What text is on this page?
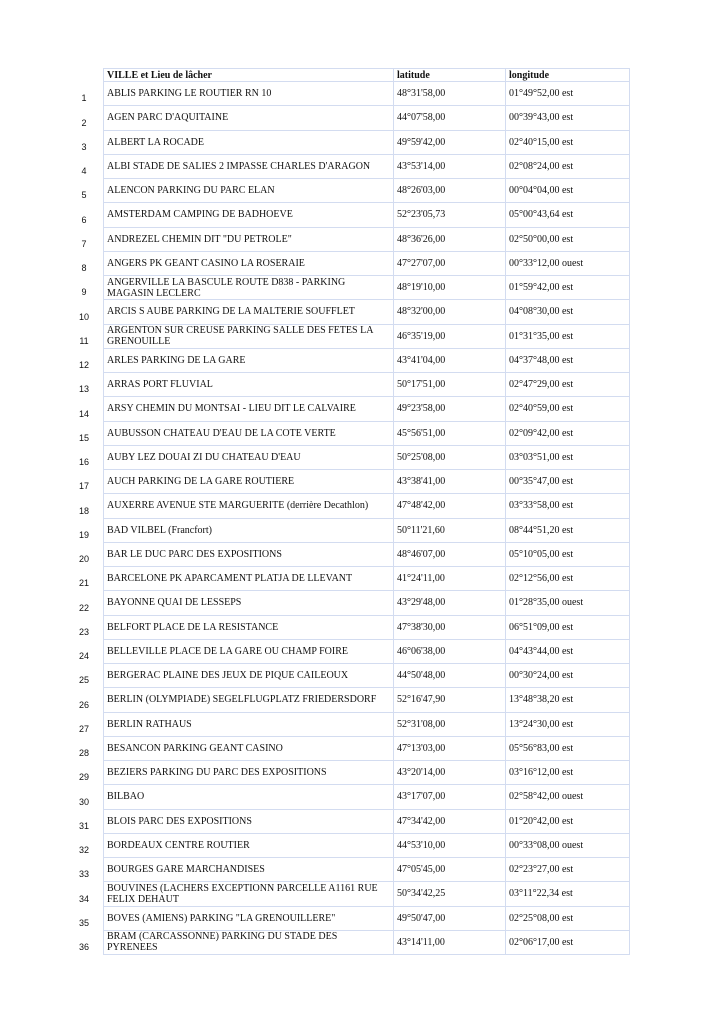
1
2
3
4
5
6
7
8
9
10
11
12
13
14
15
16
17
18
19
20
21
22
23
24
25
26
27
28
29
30
31
32
33
34
35
36
VILLE et Lieu de lâcher	latitude	longitude
ABLIS PARKING LE ROUTIER RN 10	48°31'58,00	01°49°52,00 est
AGEN PARC D'AQUITAINE	44°07'58,00	00°39°43,00 est
ALBERT LA ROCADE	49°59'42,00	02°40°15,00 est
ALBI STADE DE SALIES 2 IMPASSE CHARLES D'ARAGON	43°53'14,00	02°08°24,00 est
ALENCON PARKING DU PARC ELAN	48°26'03,00	00°04°04,00 est
AMSTERDAM CAMPING DE BADHOEVE	52°23'05,73	05°00°43,64 est
ANDREZEL CHEMIN DIT "DU PETROLE"	48°36'26,00	02°50°00,00 est
ANGERS PK GEANT CASINO LA ROSERAIE	47°27'07,00	00°33°12,00 ouest
ANGERVILLE LA BASCULE ROUTE D838 - PARKING MAGASIN LECLERC	48°19'10,00	01°59°42,00 est
ARCIS S AUBE PARKING DE LA MALTERIE SOUFFLET	48°32'00,00	04°08°30,00 est
ARGENTON SUR CREUSE PARKING SALLE DES FETES LA GRENOUILLE	46°35'19,00	01°31°35,00 est
ARLES PARKING DE LA GARE	43°41'04,00	04°37°48,00 est
ARRAS PORT FLUVIAL	50°17'51,00	02°47°29,00 est
ARSY CHEMIN DU MONTSAI - LIEU DIT LE CALVAIRE	49°23'58,00	02°40°59,00 est
AUBUSSON CHATEAU D'EAU DE LA COTE VERTE	45°56'51,00	02°09°42,00 est
AUBY LEZ DOUAI ZI DU CHATEAU D'EAU	50°25'08,00	03°03°51,00 est
AUCH PARKING DE LA GARE ROUTIERE	43°38'41,00	00°35°47,00 est
AUXERRE AVENUE STE MARGUERITE (derrière Decathlon)	47°48'42,00	03°33°58,00 est
BAD VILBEL (Francfort)	50°11'21,60	08°44°51,20 est
BAR LE DUC PARC DES EXPOSITIONS	48°46'07,00	05°10°05,00 est
BARCELONE PK APARCAMENT PLATJA DE LLEVANT	41°24'11,00	02°12°56,00 est
BAYONNE QUAI DE LESSEPS	43°29'48,00	01°28°35,00 ouest
BELFORT PLACE DE LA RESISTANCE	47°38'30,00	06°51°09,00 est
BELLEVILLE PLACE DE LA GARE OU CHAMP FOIRE	46°06'38,00	04°43°44,00 est
BERGERAC PLAINE DES JEUX DE PIQUE CAILEOUX	44°50'48,00	00°30°24,00 est
BERLIN (OLYMPIADE) SEGELFLUGPLATZ FRIEDERSDORF	52°16'47,90	13°48°38,20 est
BERLIN RATHAUS	52°31'08,00	13°24°30,00 est
BESANCON PARKING GEANT CASINO	47°13'03,00	05°56°83,00 est
BEZIERS PARKING DU PARC DES EXPOSITIONS	43°20'14,00	03°16°12,00 est
BILBAO	43°17'07,00	02°58°42,00 ouest
BLOIS PARC DES EXPOSITIONS	47°34'42,00	01°20°42,00 est
BORDEAUX CENTRE ROUTIER	44°53'10,00	00°33°08,00 ouest
BOURGES GARE MARCHANDISES	47°05'45,00	02°23°27,00 est
BOUVINES (LACHERS EXCEPTIONN PARCELLE A1161 RUE FELIX DEHAUT	50°34'42,25	03°11°22,34 est
BOVES (AMIENS) PARKING "LA GRENOUILLERE"	49°50'47,00	02°25°08,00 est
BRAM (CARCASSONNE) PARKING DU STADE DES PYRENEES	43°14'11,00	02°06°17,00 est
